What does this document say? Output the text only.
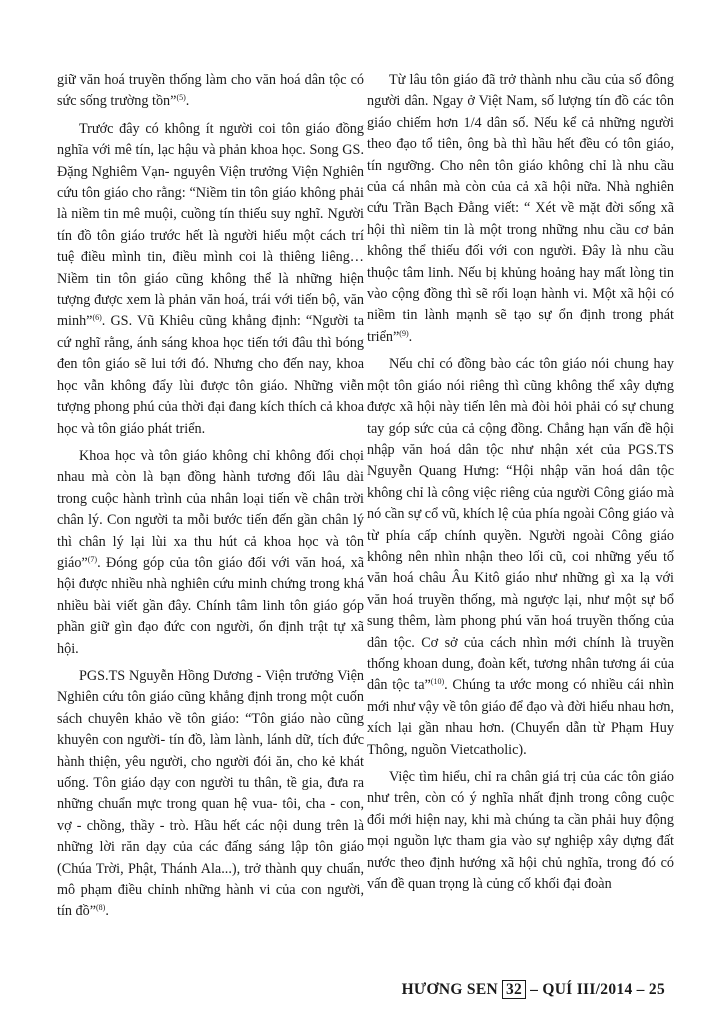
giữ văn hoá truyền thống làm cho văn hoá dân tộc có sức sống trường tồn”$^{(5)}$.

Trước đây có không ít người coi tôn giáo đồng nghĩa với mê tín, lạc hậu và phản khoa học. Song GS. Đặng Nghiêm Vạn- nguyên Viện trưởng Viện Nghiên cứu tôn giáo cho rằng: “Niềm tin tôn giáo không phải là niềm tin mê muội, cuồng tín thiếu suy nghĩ. Người tín đồ tôn giáo trước hết là người hiểu một cách trí tuệ điều mình tin, điều mình coi là thiêng liêng… Niềm tin tôn giáo cũng không thể là những hiện tượng được xem là phản văn hoá, trái với tiến bộ, văn minh”$^{(6)}$. GS. Vũ Khiêu cũng khẳng định: “Người ta cứ nghĩ rằng, ánh sáng khoa học tiến tới đâu thì bóng đen tôn giáo sẽ lui tới đó. Nhưng cho đến nay, khoa học vẫn không đẩy lùi được tôn giáo. Những viễn tượng phong phú của thời đại đang kích thích cả khoa học và tôn giáo phát triển.

Khoa học và tôn giáo không chỉ không đối chọi nhau mà còn là bạn đồng hành tương đối lâu dài trong cuộc hành trình của nhân loại tiến về chân trời chân lý. Con người ta mỗi bước tiến đến gần chân lý thì chân lý lại lùi xa thu hút cả khoa học và tôn giáo”$^{(7)}$. Đóng góp của tôn giáo đối với văn hoá, xã hội được nhiều nhà nghiên cứu minh chứng trong khá nhiều bài viết gần đây. Chính tâm linh tôn giáo góp phần giữ gìn đạo đức con người, ổn định trật tự xã hội.

PGS.TS Nguyễn Hồng Dương - Viện trưởng Viện Nghiên cứu tôn giáo cũng khẳng định trong một cuốn sách chuyên khảo về tôn giáo: “Tôn giáo nào cũng khuyên con người- tín đồ, làm lành, lánh dữ, tích đức hành thiện, yêu người, cho người đói ăn, cho kẻ khát uống. Tôn giáo dạy con người tu thân, tề gia, đưa ra những chuẩn mực trong quan hệ vua- tôi, cha - con, vợ - chồng, thầy - trò. Hầu hết các nội dung trên là những lời răn dạy của các đấng sáng lập tôn giáo (Chúa Trời, Phật, Thánh Ala...), trở thành quy chuẩn, mô phạm điều chỉnh những hành vi của con người, tín đồ”$^{(8)}$.

Từ lâu tôn giáo đã trở thành nhu cầu của số đông người dân. Ngay ở Việt Nam, số lượng tín đồ các tôn giáo chiếm hơn 1/4 dân số. Nếu kể cả những người theo đạo tổ tiên, ông bà thì hầu hết đều có tôn giáo, tín ngưỡng. Cho nên tôn giáo không chỉ là nhu cầu của cá nhân mà còn của cả xã hội nữa. Nhà nghiên cứu Trần Bạch Đằng viết: “ Xét về mặt đời sống xã hội thì niềm tin là một trong những nhu cầu cơ bản không thể thiếu đối với con người. Đây là nhu cầu thuộc tâm linh. Nếu bị khủng hoảng hay mất lòng tin vào cộng đồng thì sẽ rối loạn hành vi. Một xã hội có niềm tin lành mạnh sẽ tạo sự ổn định trong phát triển”$^{(9)}$.

Nếu chỉ có đồng bào các tôn giáo nói chung hay một tôn giáo nói riêng thì cũng không thể xây dựng được xã hội này tiến lên mà đòi hỏi phải có sự chung tay góp sức của cả cộng đồng. Chẳng hạn vấn đề hội nhập văn hoá dân tộc như nhận xét của PGS.TS Nguyễn Quang Hưng: “Hội nhập văn hoá dân tộc không chỉ là công việc riêng của người Công giáo mà nó cần sự cổ vũ, khích lệ của phía ngoài Công giáo và từ phía cấp chính quyền. Người ngoài Công giáo không nên nhìn nhận theo lối cũ, coi những yếu tố văn hoá châu Âu Kitô giáo như những gì xa lạ với văn hoá truyền thống, mà ngược lại, như một sự bổ sung thêm, làm phong phú văn hoá truyền thống của dân tộc. Cơ sở của cách nhìn mới chính là truyền thống khoan dung, đoàn kết, tương nhân tương ái của dân tộc ta”$^{(10)}$. Chúng ta ước mong có nhiều cái nhìn mới như vậy về tôn giáo để đạo và đời hiểu nhau hơn, xích lại gần nhau hơn. (Chuyển dẫn từ Phạm Huy Thông, nguồn Vietcatholic).

Việc tìm hiểu, chỉ ra chân giá trị của các tôn giáo như trên, còn có ý nghĩa nhất định trong công cuộc đổi mới hiện nay, khi mà chúng ta cần phải huy động mọi nguồn lực tham gia vào sự nghiệp xây dựng đất nước theo định hướng xã hội chủ nghĩa, trong đó có vấn đề quan trọng là củng cố khối đại đoàn

HƯƠNG SEN 32 – QUÍ III/2014 – 25
